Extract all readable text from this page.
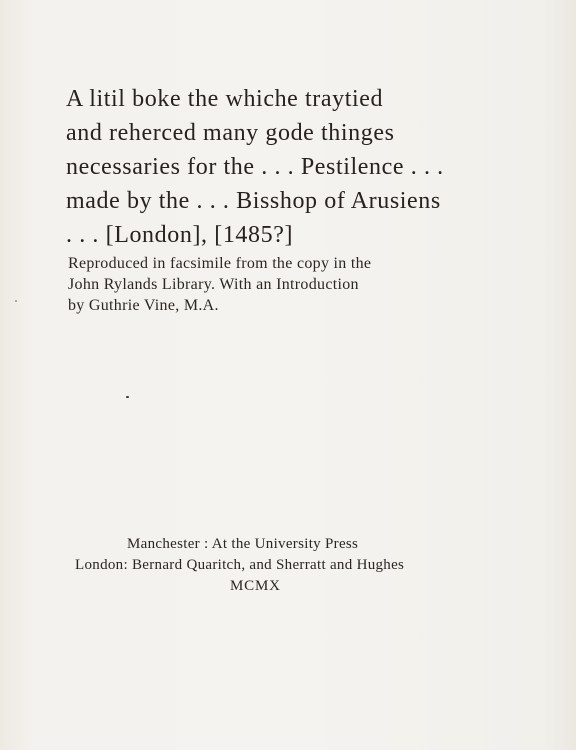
A litil boke the whiche traytied
and reherced many gode thinges
necessaries for the . . . Pestilence . . .
made by the . . . Bisshop of Arusiens
. . . [London], [1485?]
Reproduced in facsimile from the copy in the
John Rylands Library. With an Introduction
by Guthrie Vine, M.A.
Manchester : At the University Press
London: Bernard Quaritch, and Sherratt and Hughes
MCMX
